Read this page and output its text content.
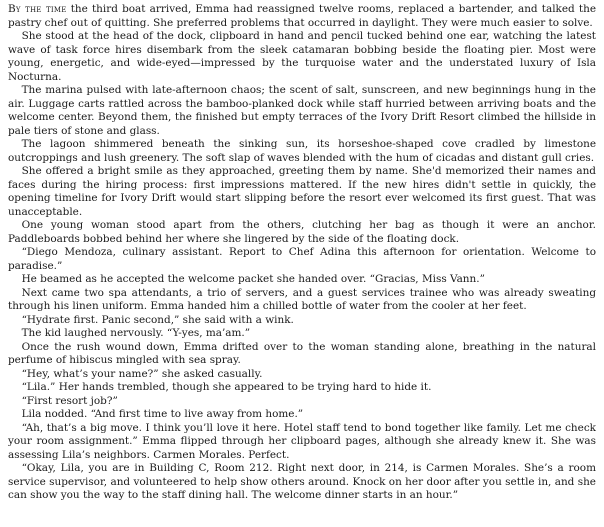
By the time the third boat arrived, Emma had reassigned twelve rooms, replaced a bartender, and talked the pastry chef out of quitting. She preferred problems that occurred in daylight. They were much easier to solve.

She stood at the head of the dock, clipboard in hand and pencil tucked behind one ear, watching the latest wave of task force hires disembark from the sleek catamaran bobbing beside the floating pier. Most were young, energetic, and wide-eyed—impressed by the turquoise water and the understated luxury of Isla Nocturna.

The marina pulsed with late-afternoon chaos; the scent of salt, sunscreen, and new beginnings hung in the air. Luggage carts rattled across the bamboo-planked dock while staff hurried between arriving boats and the welcome center. Beyond them, the finished but empty terraces of the Ivory Drift Resort climbed the hillside in pale tiers of stone and glass.

The lagoon shimmered beneath the sinking sun, its horseshoe-shaped cove cradled by limestone outcroppings and lush greenery. The soft slap of waves blended with the hum of cicadas and distant gull cries.

She offered a bright smile as they approached, greeting them by name. She'd memorized their names and faces during the hiring process: first impressions mattered. If the new hires didn't settle in quickly, the opening timeline for Ivory Drift would start slipping before the resort ever welcomed its first guest. That was unacceptable.

One young woman stood apart from the others, clutching her bag as though it were an anchor. Paddleboards bobbed behind her where she lingered by the side of the floating dock.

“Diego Mendoza, culinary assistant. Report to Chef Adina this afternoon for orientation. Welcome to paradise.”

He beamed as he accepted the welcome packet she handed over. “Gracias, Miss Vann.”

Next came two spa attendants, a trio of servers, and a guest services trainee who was already sweating through his linen uniform. Emma handed him a chilled bottle of water from the cooler at her feet.

“Hydrate first. Panic second,” she said with a wink.

The kid laughed nervously. “Y-yes, ma’am.”

Once the rush wound down, Emma drifted over to the woman standing alone, breathing in the natural perfume of hibiscus mingled with sea spray.

“Hey, what’s your name?” she asked casually.

“Lila.” Her hands trembled, though she appeared to be trying hard to hide it.

“First resort job?”

Lila nodded. “And first time to live away from home.”

“Ah, that’s a big move. I think you’ll love it here. Hotel staff tend to bond together like family. Let me check your room assignment.” Emma flipped through her clipboard pages, although she already knew it. She was assessing Lila’s neighbors. Carmen Morales. Perfect.

“Okay, Lila, you are in Building C, Room 212. Right next door, in 214, is Carmen Morales. She’s a room service supervisor, and volunteered to help show others around. Knock on her door after you settle in, and she can show you the way to the staff dining hall. The welcome dinner starts in an hour.”
